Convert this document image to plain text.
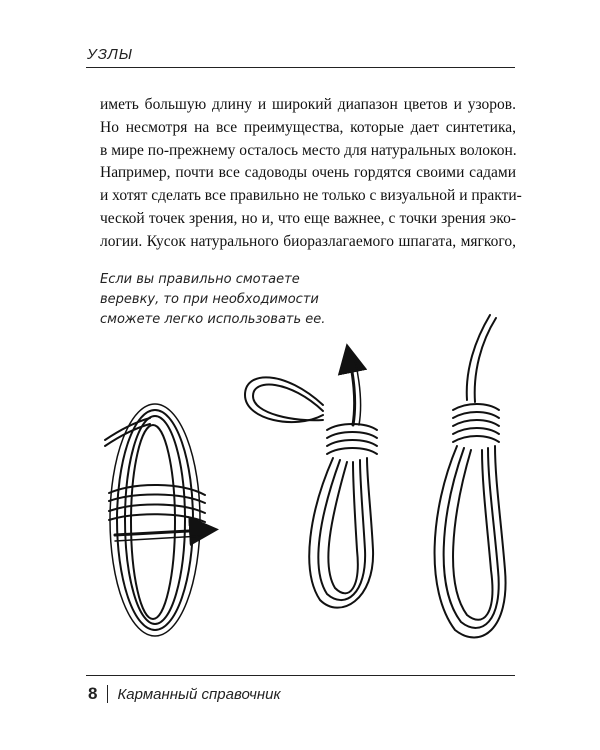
УЗЛЫ
иметь большую длину и широкий диапазон цветов и узоров.
Но несмотря на все преимущества, которые дает синтетика,
в мире по-прежнему осталось место для натуральных волокон.
Например, почти все садоводы очень гордятся своими садами
и хотят сделать все правильно не только с визуальной и практи-
ческой точек зрения, но и, что еще важнее, с точки зрения эко-
логии. Кусок натурального биоразлагаемого шпагата, мягкого,
Если вы правильно смотаете
веревку, то при необходимости
сможете легко использовать ее.
8 Карманный справочник
